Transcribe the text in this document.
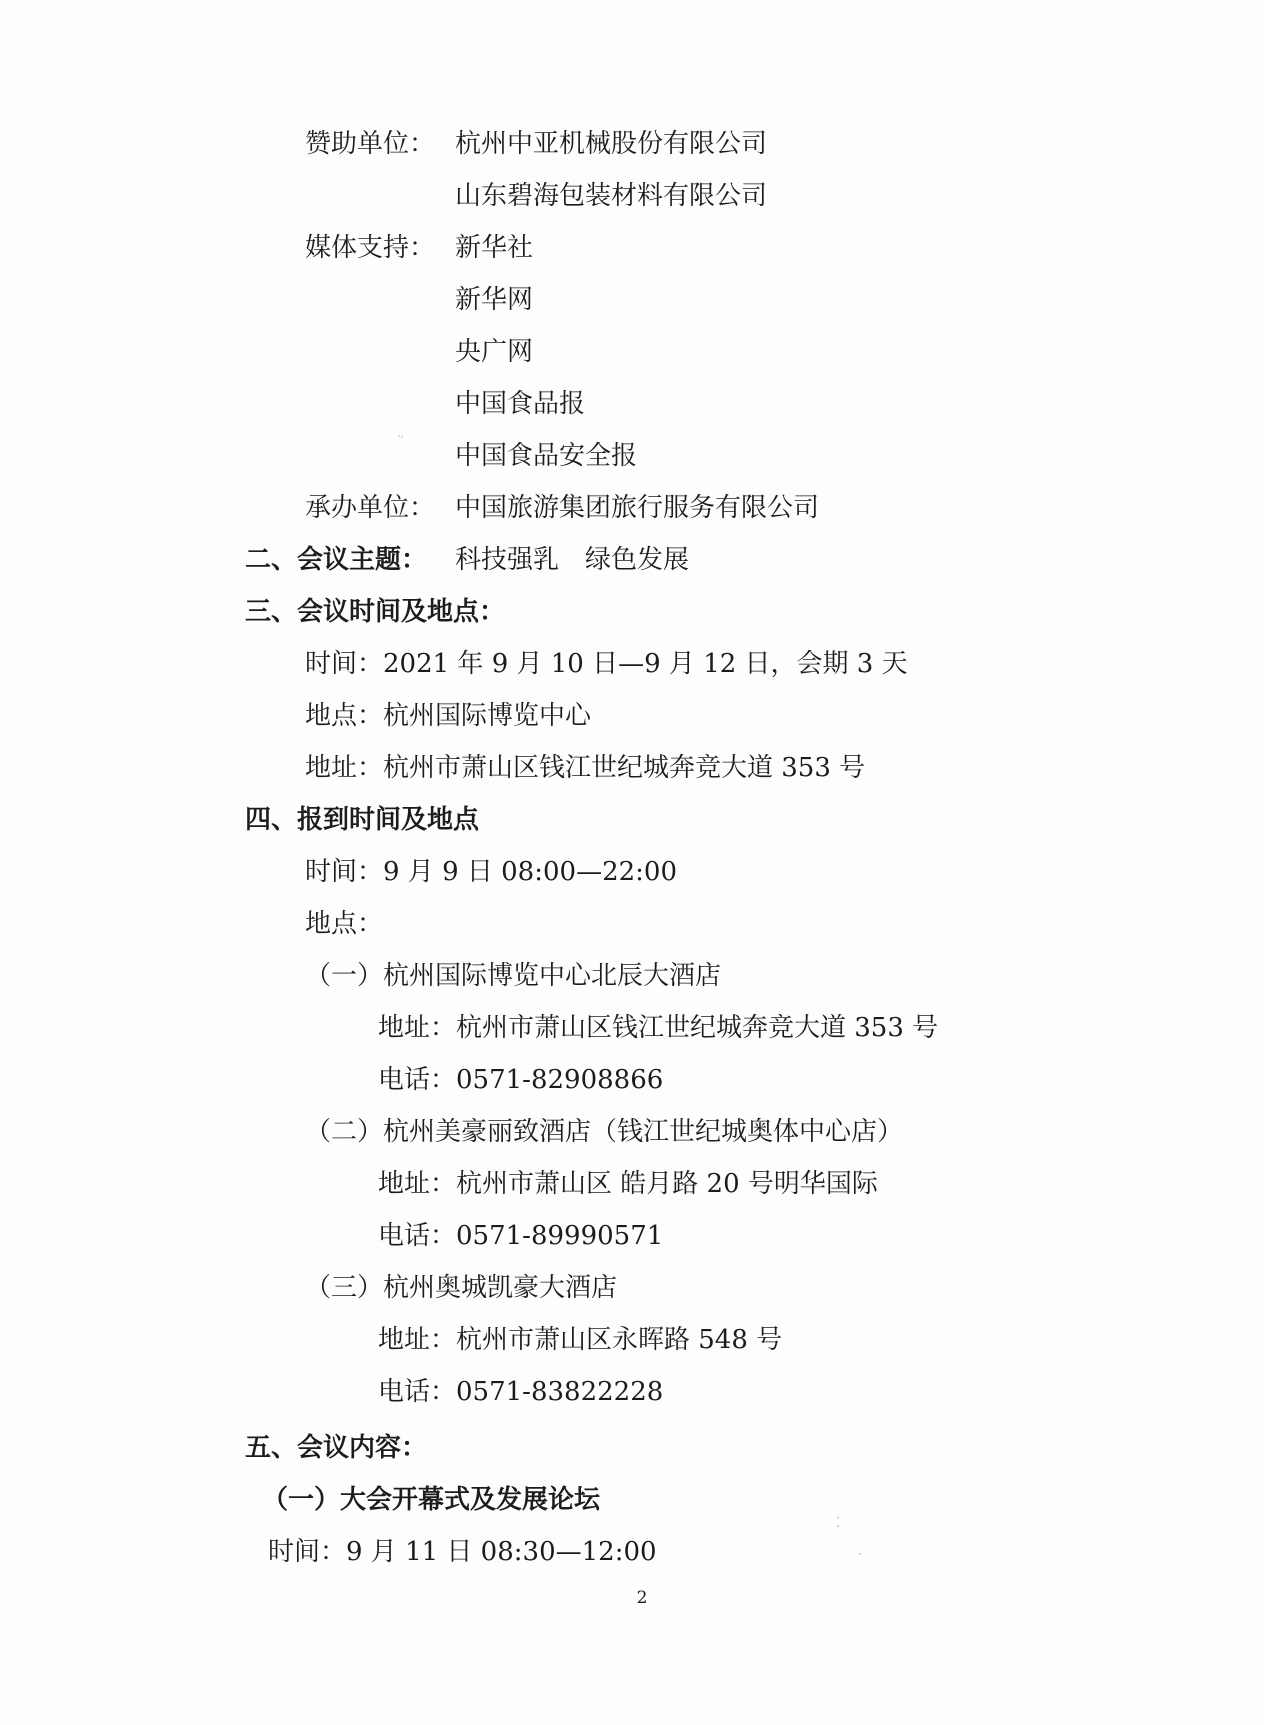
赞助单位： 杭州中亚机械股份有限公司
山东碧海包装材料有限公司
媒体支持： 新华社
新华网
央广网
中国食品报
中国食品安全报
承办单位： 中国旅游集团旅行服务有限公司
二、会议主题： 科技强乳　绿色发展
三、会议时间及地点：
时间：2021 年 9 月 10 日—9 月 12 日，会期 3 天
地点：杭州国际博览中心
地址：杭州市萧山区钱江世纪城奔竞大道 353 号
四、报到时间及地点
时间：9 月 9 日 08:00—22:00
地点：
（一）杭州国际博览中心北辰大酒店
地址：杭州市萧山区钱江世纪城奔竞大道 353 号
电话：0571-82908866
（二）杭州美豪丽致酒店（钱江世纪城奥体中心店）
地址：杭州市萧山区 皓月路 20 号明华国际
电话：0571-89990571
（三）杭州奥城凯豪大酒店
地址：杭州市萧山区永晖路 548 号
电话：0571-83822228
五、会议内容：
（一）大会开幕式及发展论坛
时间：9 月 11 日 08:30—12:00
ᵕ
⁚
ˏ
2
